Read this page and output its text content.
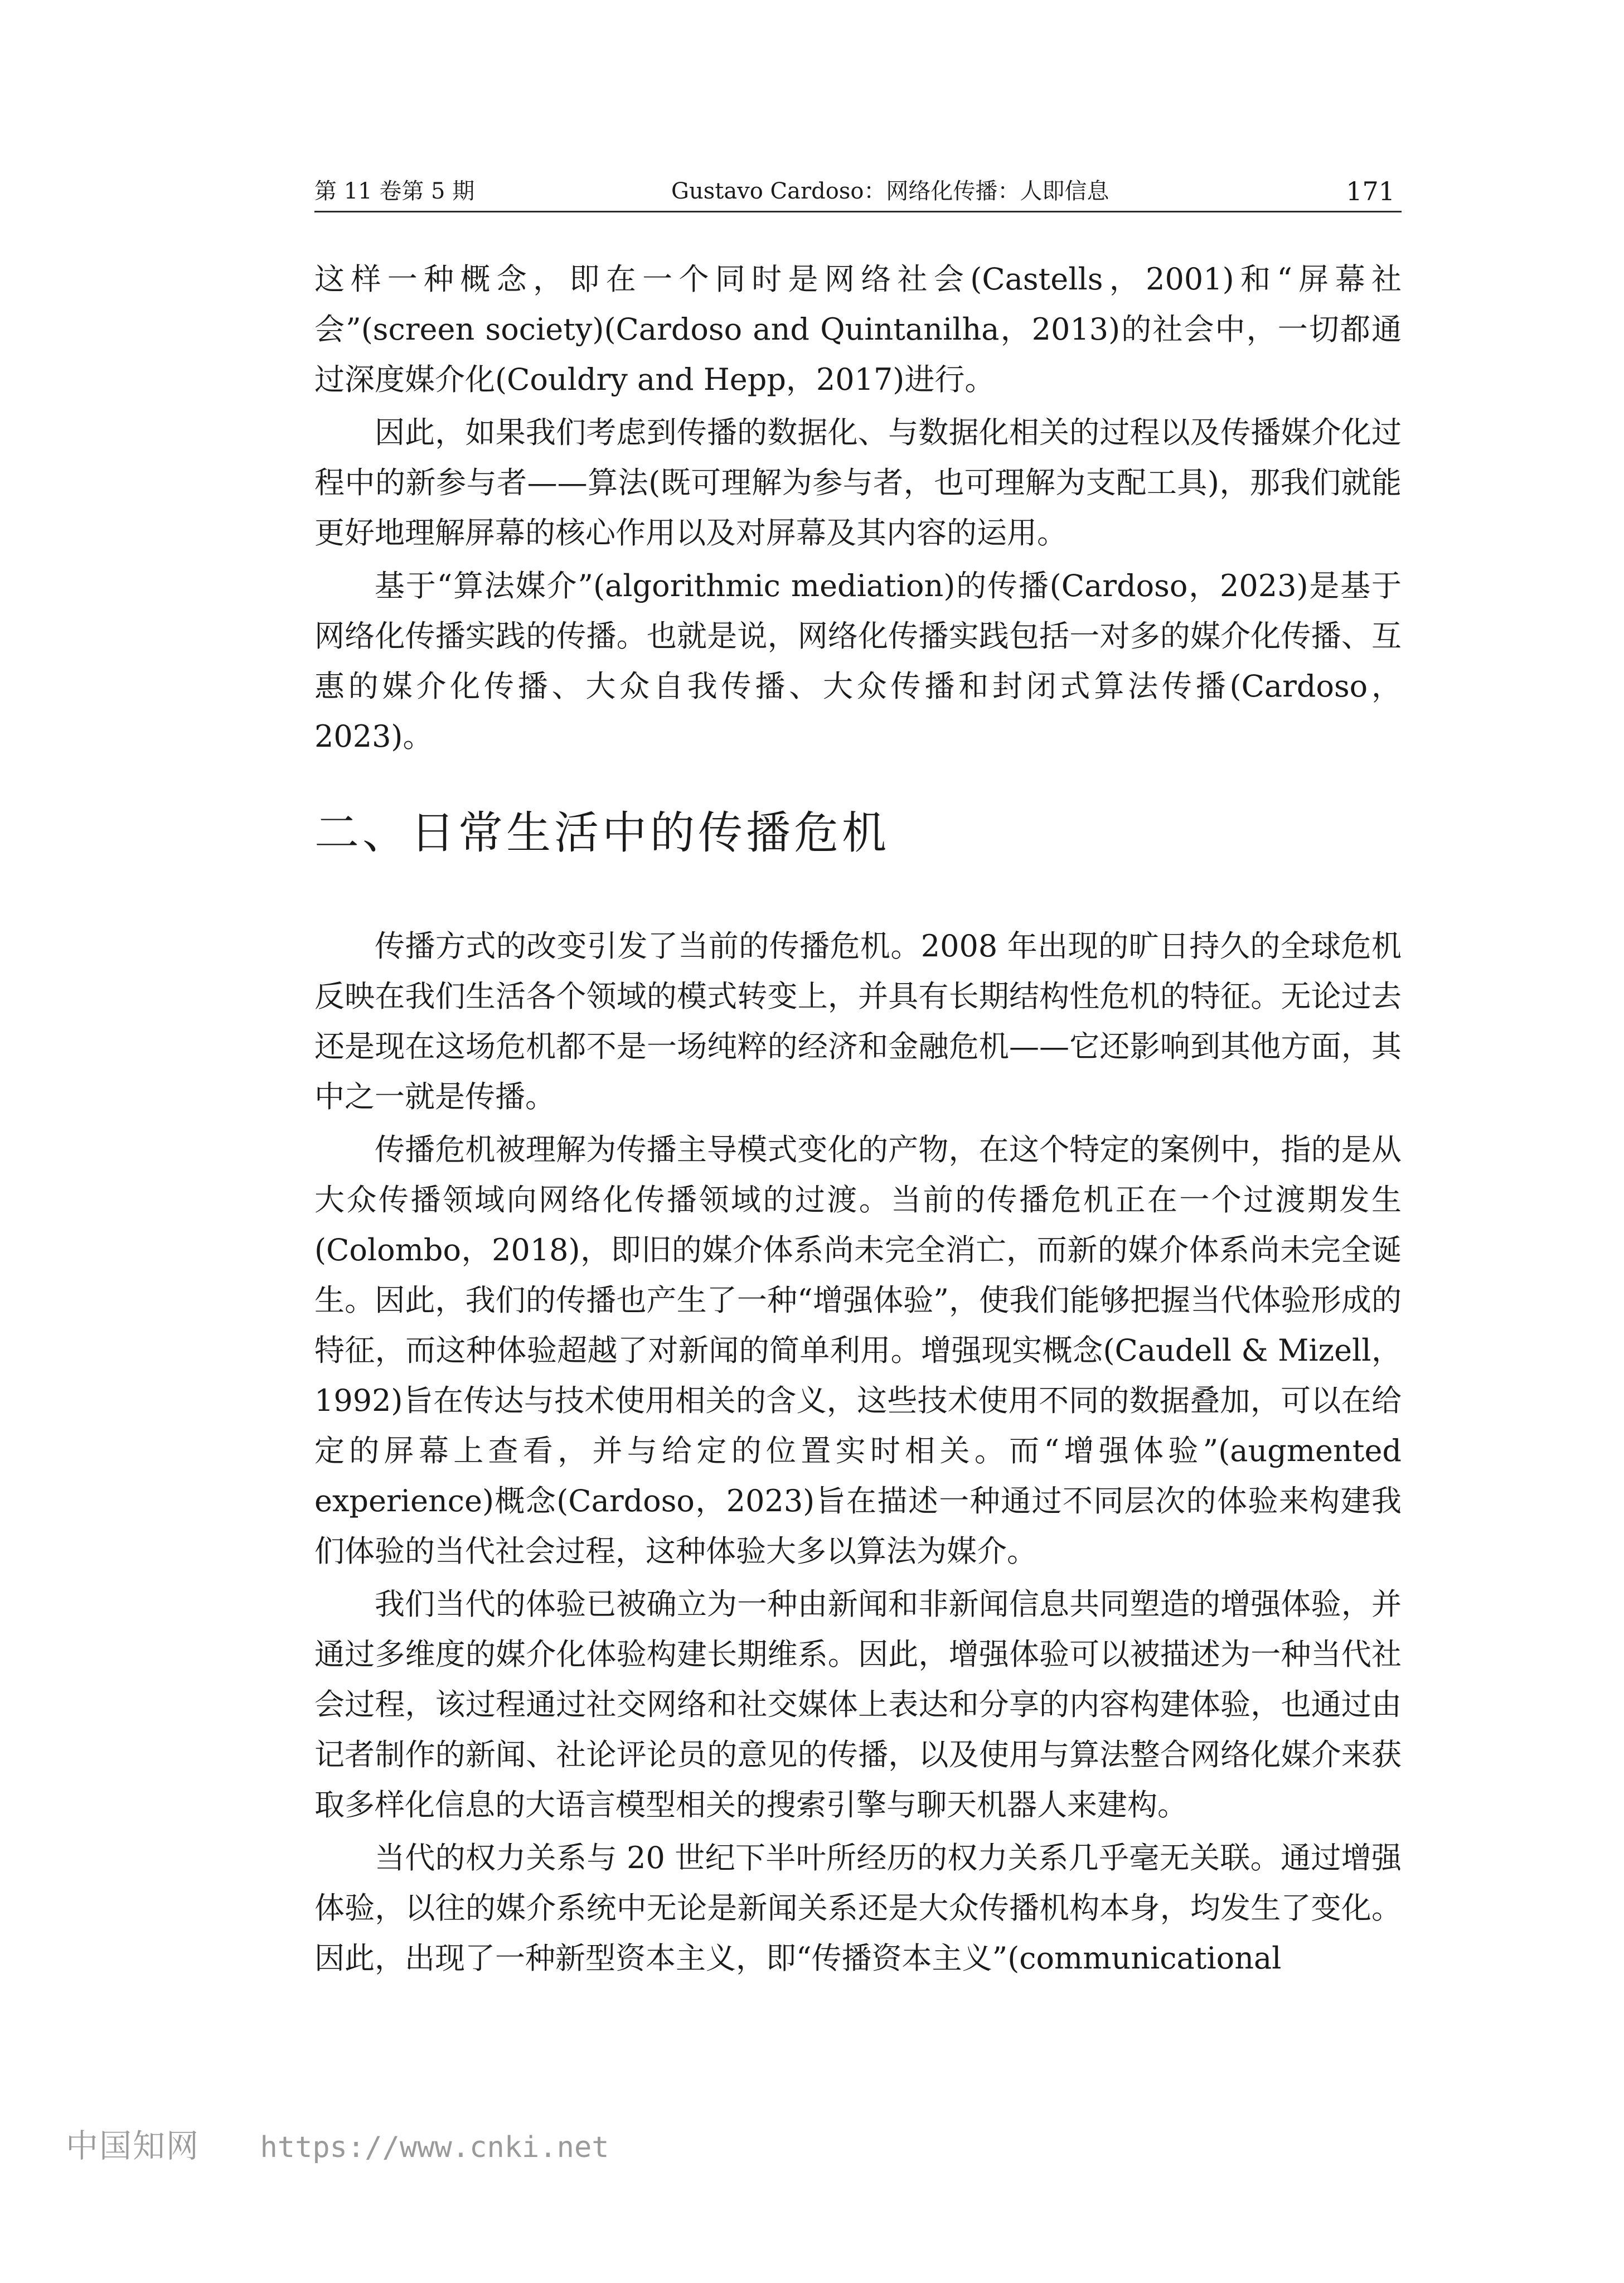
第 11 卷第 5 期	Gustavo Cardoso：网络化传播：人即信息	171

这样一种概念，即在一个同时是网络社会(Castells，2001)和“屏幕社会”(screen society)(Cardoso and Quintanilha，2013)的社会中，一切都通过深度媒介化(Couldry and Hepp，2017)进行。

因此，如果我们考虑到传播的数据化、与数据化相关的过程以及传播媒介化过程中的新参与者——算法(既可理解为参与者，也可理解为支配工具)，那我们就能更好地理解屏幕的核心作用以及对屏幕及其内容的运用。

基于“算法媒介”(algorithmic mediation)的传播(Cardoso，2023)是基于网络化传播实践的传播。也就是说，网络化传播实践包括一对多的媒介化传播、互惠的媒介化传播、大众自我传播、大众传播和封闭式算法传播(Cardoso，2023)。

二、日常生活中的传播危机

传播方式的改变引发了当前的传播危机。2008 年出现的旷日持久的全球危机反映在我们生活各个领域的模式转变上，并具有长期结构性危机的特征。无论过去还是现在这场危机都不是一场纯粹的经济和金融危机——它还影响到其他方面，其中之一就是传播。

传播危机被理解为传播主导模式变化的产物，在这个特定的案例中，指的是从大众传播领域向网络化传播领域的过渡。当前的传播危机正在一个过渡期发生(Colombo，2018)，即旧的媒介体系尚未完全消亡，而新的媒介体系尚未完全诞生。因此，我们的传播也产生了一种“增强体验”，使我们能够把握当代体验形成的特征，而这种体验超越了对新闻的简单利用。增强现实概念(Caudell & Mizell，1992)旨在传达与技术使用相关的含义，这些技术使用不同的数据叠加，可以在给定的屏幕上查看，并与给定的位置实时相关。而“增强体验”(augmented experience)概念(Cardoso，2023)旨在描述一种通过不同层次的体验来构建我们体验的当代社会过程，这种体验大多以算法为媒介。

我们当代的体验已被确立为一种由新闻和非新闻信息共同塑造的增强体验，并通过多维度的媒介化体验构建长期维系。因此，增强体验可以被描述为一种当代社会过程，该过程通过社交网络和社交媒体上表达和分享的内容构建体验，也通过由记者制作的新闻、社论评论员的意见的传播，以及使用与算法整合网络化媒介来获取多样化信息的大语言模型相关的搜索引擎与聊天机器人来建构。

当代的权力关系与 20 世纪下半叶所经历的权力关系几乎毫无关联。通过增强体验，以往的媒介系统中无论是新闻关系还是大众传播机构本身，均发生了变化。因此，出现了一种新型资本主义，即“传播资本主义”(communicational

中国知网 https://www.cnki.net
